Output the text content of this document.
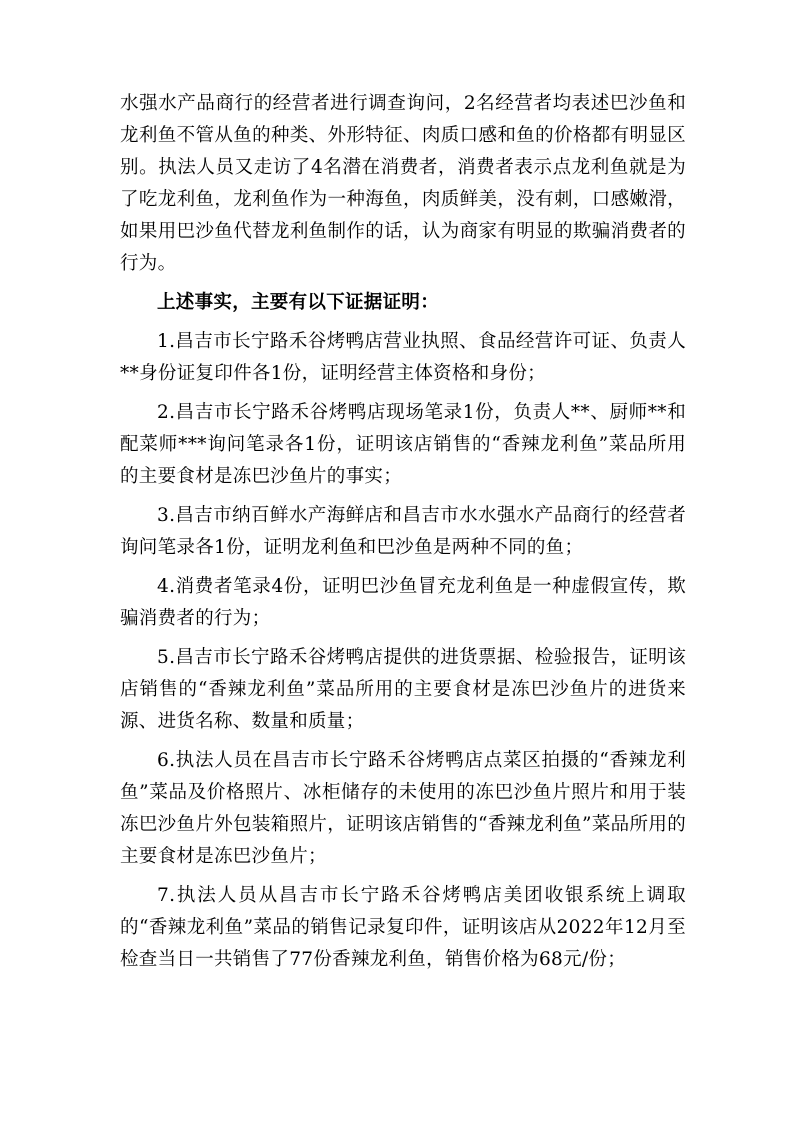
水强水产品商行的经营者进行调查询问，2名经营者均表述巴沙鱼和龙利鱼不管从鱼的种类、外形特征、肉质口感和鱼的价格都有明显区别。执法人员又走访了4名潜在消费者，消费者表示点龙利鱼就是为了吃龙利鱼，龙利鱼作为一种海鱼，肉质鲜美，没有刺，口感嫩滑，如果用巴沙鱼代替龙利鱼制作的话，认为商家有明显的欺骗消费者的行为。

上述事实，主要有以下证据证明：

1.昌吉市长宁路禾谷烤鸭店营业执照、食品经营许可证、负责人**身份证复印件各1份，证明经营主体资格和身份；

2.昌吉市长宁路禾谷烤鸭店现场笔录1份，负责人**、厨师**和配菜师***询问笔录各1份，证明该店销售的“香辣龙利鱼”菜品所用的主要食材是冻巴沙鱼片的事实；

3.昌吉市纳百鲜水产海鲜店和昌吉市水水强水产品商行的经营者询问笔录各1份，证明龙利鱼和巴沙鱼是两种不同的鱼；

4.消费者笔录4份，证明巴沙鱼冒充龙利鱼是一种虚假宣传，欺骗消费者的行为；

5.昌吉市长宁路禾谷烤鸭店提供的进货票据、检验报告，证明该店销售的“香辣龙利鱼”菜品所用的主要食材是冻巴沙鱼片的进货来源、进货名称、数量和质量；

6.执法人员在昌吉市长宁路禾谷烤鸭店点菜区拍摄的“香辣龙利鱼”菜品及价格照片、冰柜储存的未使用的冻巴沙鱼片照片和用于装冻巴沙鱼片外包装箱照片，证明该店销售的“香辣龙利鱼”菜品所用的主要食材是冻巴沙鱼片；

7.执法人员从昌吉市长宁路禾谷烤鸭店美团收银系统上调取的“香辣龙利鱼”菜品的销售记录复印件，证明该店从2022年12月至检查当日一共销售了77份香辣龙利鱼，销售价格为68元/份；
